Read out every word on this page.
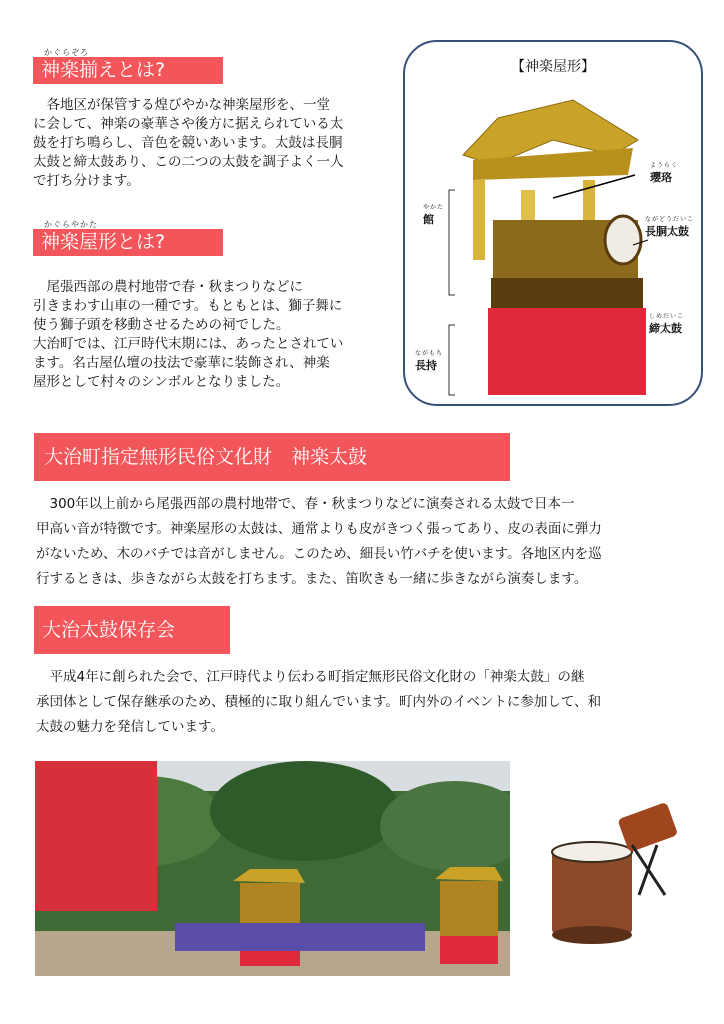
かぐらぞろ
神楽揃えとは?

　各地区が保管する煌びやかな神楽屋形を、一堂
に会して、神楽の豪華さや後方に据えられている太
鼓を打ち鳴らし、音色を競いあいます。太鼓は長胴
太鼓と締太鼓あり、この二つの太鼓を調子よく一人
で打ち分けます。

かぐらやかた
神楽屋形とは?

　尾張西部の農村地帯で春・秋まつりなどに
引きまわす山車の一種です。もともとは、獅子舞に
使う獅子頭を移動させるための祠でした。
大治町では、江戸時代末期には、あったとされてい
ます。名古屋仏壇の技法で豪華に装飾され、神楽
屋形として村々のシンボルとなりました。

【神楽屋形】
ようらく
瓔珞
ながどうだいこ
長胴太鼓
しめだいこ
締太鼓
やかた
館
ながもち
長持
大治町指定無形民俗文化財　神楽太鼓

　300年以上前から尾張西部の農村地帯で、春・秋まつりなどに演奏される太鼓で日本一
甲高い音が特徴です。神楽屋形の太鼓は、通常よりも皮がきつく張ってあり、皮の表面に弾力
がないため、木のバチでは音がしません。このため、細長い竹バチを使います。各地区内を巡
行するときは、歩きながら太鼓を打ちます。また、笛吹きも一緒に歩きながら演奏します。

大治太鼓保存会

　平成4年に創られた会で、江戸時代より伝わる町指定無形民俗文化財の「神楽太鼓」の継
承団体として保存継承のため、積極的に取り組んでいます。町内外のイベントに参加して、和
太鼓の魅力を発信しています。
